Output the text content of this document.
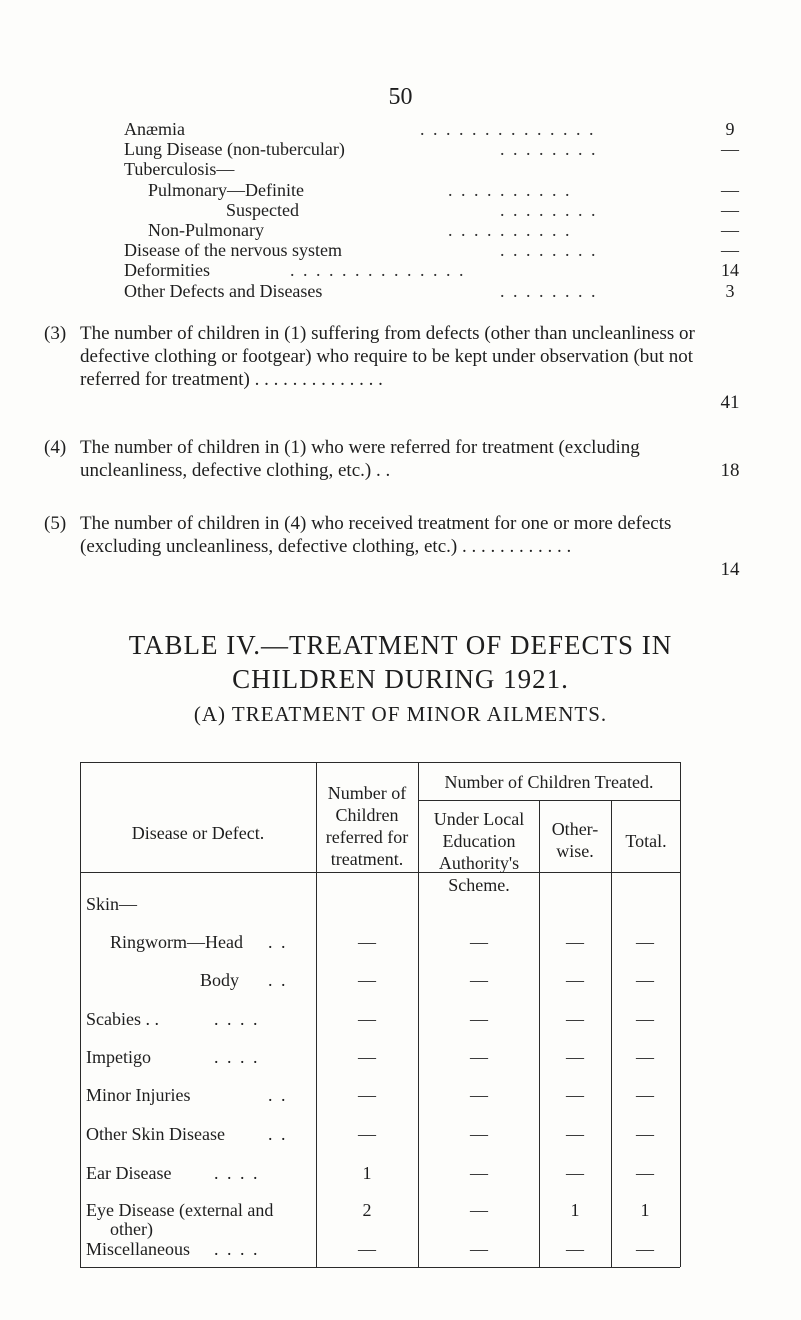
50
Anæmia	. . . . . . . . . . . . . .	9
Lung Disease (non-tubercular)	. . . . . . . .	—
Tuberculosis—
Pulmonary—Definite	. . . . . . . . . .	—
Suspected	. . . . . . . .	—
Non-Pulmonary	. . . . . . . . . .	—
Disease of the nervous system	. . . . . . . .	—
Deformities	. . . . . . . . . . . . . .	14
Other Defects and Diseases	. . . . . . . .	3
(3) The number of children in (1) suffering from defects (other than uncleanliness or defective clothing or footgear) who require to be kept under observation (but not referred for treatment) . . . . . . . . . . . . . .
41
(4) The number of children in (1) who were referred for treatment (excluding uncleanliness, defective clothing, etc.) . .	18
(5) The number of children in (4) who received treatment for one or more defects (excluding uncleanliness, defective clothing, etc.) . . . . . . . . . . . .
14
TABLE IV.—TREATMENT OF DEFECTS IN
CHILDREN DURING 1921.
(A) TREATMENT OF MINOR AILMENTS.
Disease or Defect.
Number of Children referred for treatment.
Number of Children Treated.
Under Local Education Authority's Scheme.
Other- wise.	Total.
Skin—
Ringworm—Head . .	—	—	—	—
Body . .	—	—	—	—
Scabies . .	. . . .	—	—	—	—
Impetigo	. . . .	—	—	—	—
Minor Injuries	. .	—	—	—	—
Other Skin Disease . .	—	—	—	—
Ear Disease . . . .	1	—	—	—
Eye Disease (external and	2	—	1	1
other)
Miscellaneous . . . .	—	—	—	—
